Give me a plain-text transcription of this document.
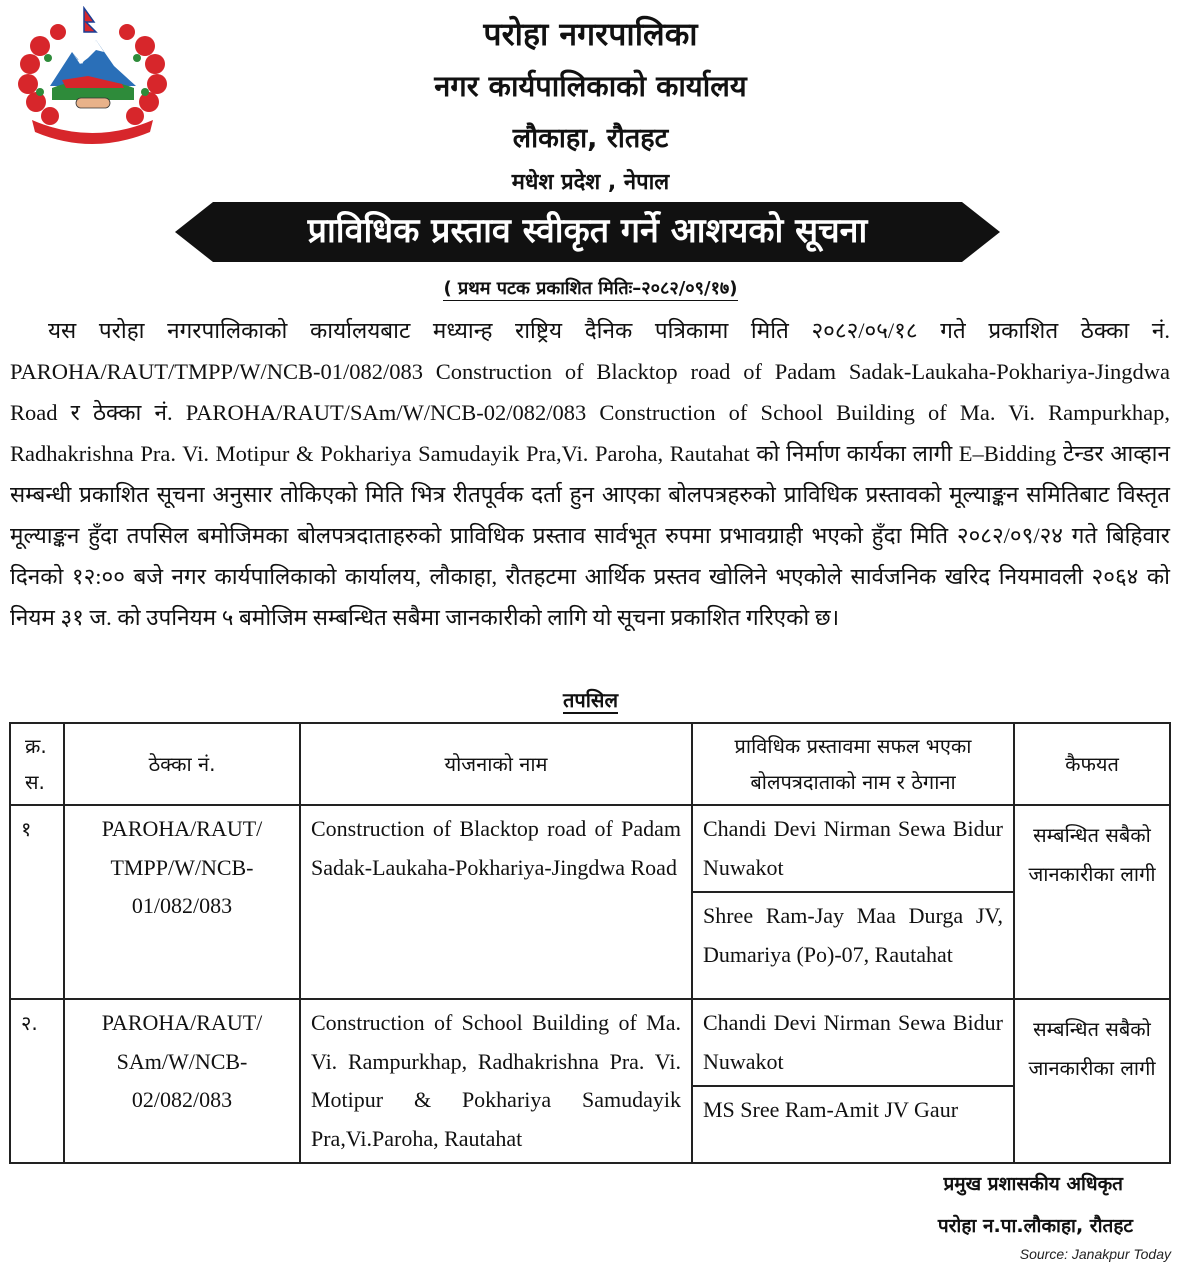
परोहा नगरपालिका
नगर कार्यपालिकाको कार्यालय
लौकाहा, रौतहट
मधेश प्रदेश , नेपाल
प्राविधिक प्रस्ताव स्वीकृत गर्ने आशयको सूचना
( प्रथम पटक प्रकाशित मितिः–२०८२/०९/१७)

यस परोहा नगरपालिकाको कार्यालयबाट मध्यान्ह राष्ट्रिय दैनिक पत्रिकामा मिति २०८२/०५/१८ गते प्रकाशित ठेक्का नं. PAROHA/RAUT/TMPP/W/NCB-01/082/083 Construction of Blacktop road of Padam Sadak-Laukaha-Pokhariya-Jingdwa Road र ठेक्का नं. PAROHA/RAUT/SAm/W/NCB-02/082/083 Construction of School Building of Ma. Vi. Rampurkhap, Radhakrishna Pra. Vi. Motipur & Pokhariya Samudayik Pra,Vi. Paroha, Rautahat को निर्माण कार्यका लागी E–Bidding टेन्डर आव्हान सम्बन्धी प्रकाशित सूचना अनुसार तोकिएको मिति भित्र रीतपूर्वक दर्ता हुन आएका बोलपत्रहरुको प्राविधिक प्रस्तावको मूल्याङ्कन समितिबाट विस्तृत मूल्याङ्कन हुँदा तपसिल बमोजिमका बोलपत्रदाताहरुको प्राविधिक प्रस्ताव सार्वभूत रुपमा प्रभावग्राही भएको हुँदा मिति २०८२/०९/२४ गते बिहिवार दिनको १२:०० बजे नगर कार्यपालिकाको कार्यालय, लौकाहा, रौतहटमा आर्थिक प्रस्तव खोलिने भएकोले सार्वजनिक खरिद नियमावली २०६४ को नियम ३१ ज. को उपनियम ५ बमोजिम सम्बन्धित सबैमा जानकारीको लागि यो सूचना प्रकाशित गरिएको छ।

तपसिल
क्र. स.	ठेक्का नं.	योजनाको नाम	प्राविधिक प्रस्तावमा सफल भएका बोलपत्रदाताको नाम र ठेगाना	कैफयत

१	PAROHA/RAUT/ TMPP/W/NCB- 01/082/083	Construction of Blacktop road of Padam Sadak-Laukaha-Pokhariya-Jingdwa Road	Chandi Devi Nirman Sewa Bidur Nuwakot
Shree Ram-Jay Maa Durga JV, Dumariya (Po)-07, Rautahat	सम्बन्धित सबैको जानकारीका लागी

२.	PAROHA/RAUT/ SAm/W/NCB- 02/082/083	Construction of School Building of Ma. Vi. Rampurkhap, Radhakrishna Pra. Vi. Motipur & Pokhariya Samudayik Pra,Vi.Paroha, Rautahat	Chandi Devi Nirman Sewa Bidur Nuwakot
MS Sree Ram-Amit JV Gaur	सम्बन्धित सबैको जानकारीका लागी
प्रमुख प्रशासकीय अधिकृत
परोहा न.पा.लौकाहा, रौतहट
Source: Janakpur Today
